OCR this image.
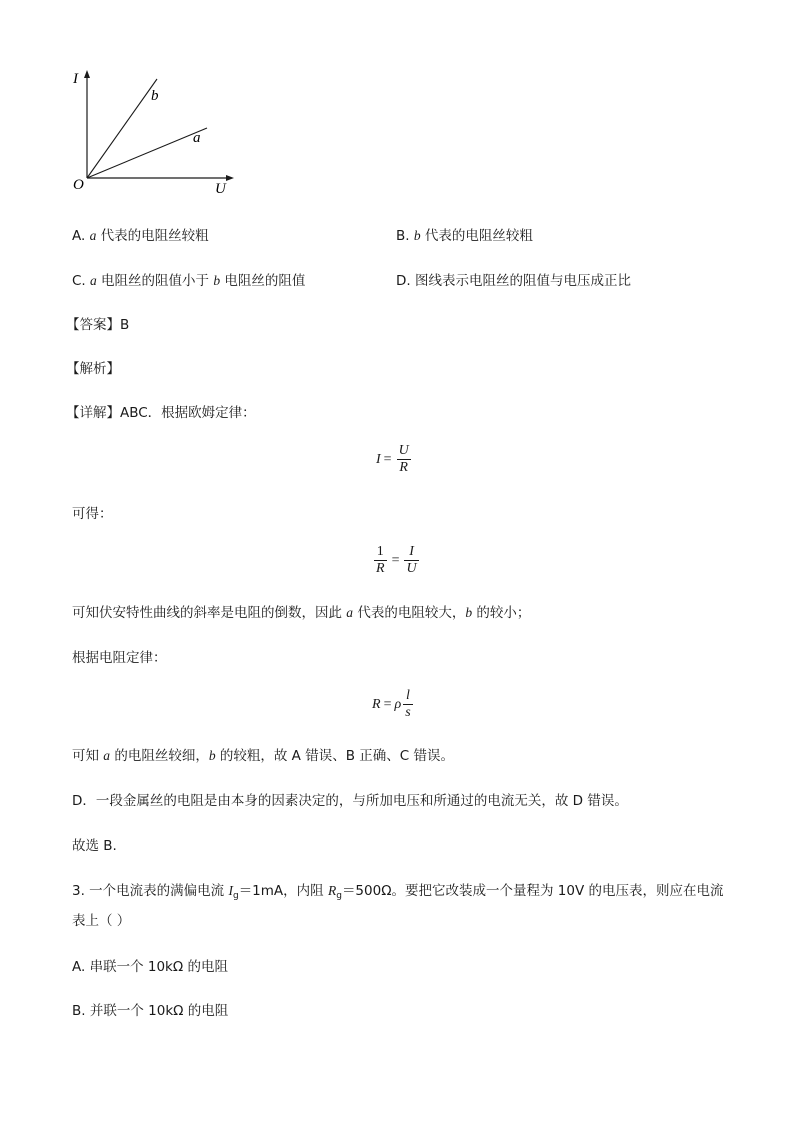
I
U
O
b
a
A. a 代表的电阻丝较粗	B. b 代表的电阻丝较粗
C. a 电阻丝的阻值小于 b 电阻丝的阻值	D. 图线表示电阻丝的阻值与电压成正比
【答案】B
【解析】
【详解】ABC．根据欧姆定律：
$I = \frac{U}{R}$
可得：
$\frac{1}{R} = \frac{I}{U}$
可知伏安特性曲线的斜率是电阻的倒数，因此 a 代表的电阻较大，b 的较小；
根据电阻定律：
R = ρ $\frac{l}{s}$
可知 a 的电阻丝较细，b 的较粗，故 A 错误、B 正确、C 错误。
D．一段金属丝的电阻是由本身的因素决定的，与所加电压和所通过的电流无关，故 D 错误。
故选 B.
3. 一个电流表的满偏电流 $I_g=1mA$，内阻 $R_g=500\Omega$。要把它改装成一个量程为 10V 的电压表，则应在电流
表上（ ）
A. 串联一个 10kΩ 的电阻
B. 并联一个 10kΩ 的电阻
